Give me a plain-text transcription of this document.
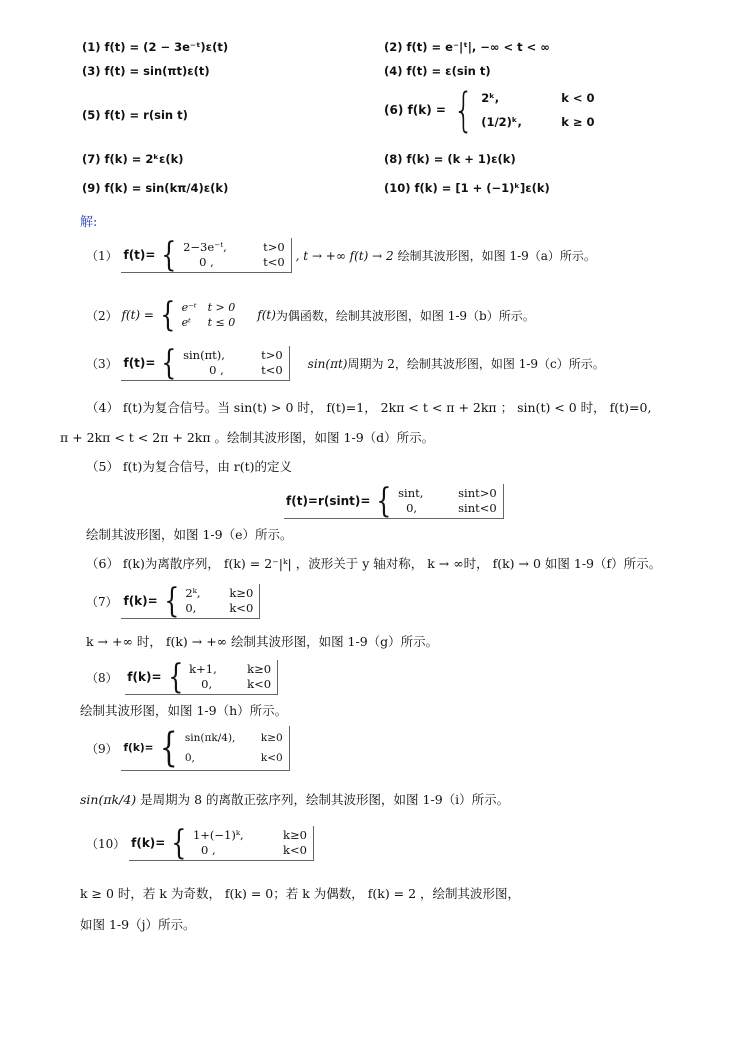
(1) f(t) = (2 − 3e⁻ᵗ)ε(t)	(2) f(t) = e⁻|ᵗ|, −∞ < t < ∞
(3) f(t) = sin(πt)ε(t)	(4) f(t) = ε(sin t)
(5) f(t) = r(sin t)	(6)
f(k) = { 2ᵏ,	k < 0
(1/2)ᵏ,	k ≥ 0
(7) f(k) = 2ᵏε(k)	(8) f(k) = (k + 1)ε(k)
(9) f(k) = sin(kπ/4)ε(k)	(10) f(k) = [1 + (−1)ᵏ]ε(k)
解:
（1）
f(t)= { 2−3e⁻ᵗ,	t>0
0 ,	t<0 , t → +∞ f(t) → 2 绘制其波形图，如图 1-9（a）所示。
（2）
f(t) = { e⁻ᵗ t > 0
eᵗ	t ≤ 0
f(t) 为偶函数，绘制其波形图，如图 1-9（b）所示。
（3）
f(t)= { sin(πt),	t>0
0 ,	t<0 sin(πt) 周期为 2，绘制其波形图，如图 1-9（c）所示。
（4） f(t)为复合信号。当 sin(t) > 0 时， f(t)=1， 2kπ < t < π + 2kπ ； sin(t) < 0 时， f(t)=0,
π + 2kπ < t < 2π + 2kπ 。绘制其波形图，如图 1-9（d）所示。
（5） f(t)为复合信号，由 r(t)的定义
f(t)=r(sint)= { sint,	sint>0
0,	sint<0
绘制其波形图，如图 1-9（e）所示。
（6） f(k)为离散序列， f(k) = 2⁻|ᵏ| ，波形关于 y 轴对称， k → ∞时， f(k) → 0 如图 1-9（f）所示。
（7）
f(k)= { 2ᵏ,	k≥0
0,	k<0
k → +∞ 时， f(k) → +∞ 绘制其波形图，如图 1-9（g）所示。
（8）
f(k)= { k+1,	k≥0
0,	k<0
绘制其波形图，如图 1-9（h）所示。
（9）
f(k)= { sin(πk/4),	k≥0
0,	k<0
sin(πk/4) 是周期为 8 的离散正弦序列，绘制其波形图，如图 1-9（i）所示。
（10）
f(k)= { 1+(−1)ᵏ,	k≥0
0 ,	k<0
k ≥ 0 时，若 k 为奇数， f(k) = 0；若 k 为偶数， f(k) = 2 ，绘制其波形图，
如图 1-9（j）所示。
